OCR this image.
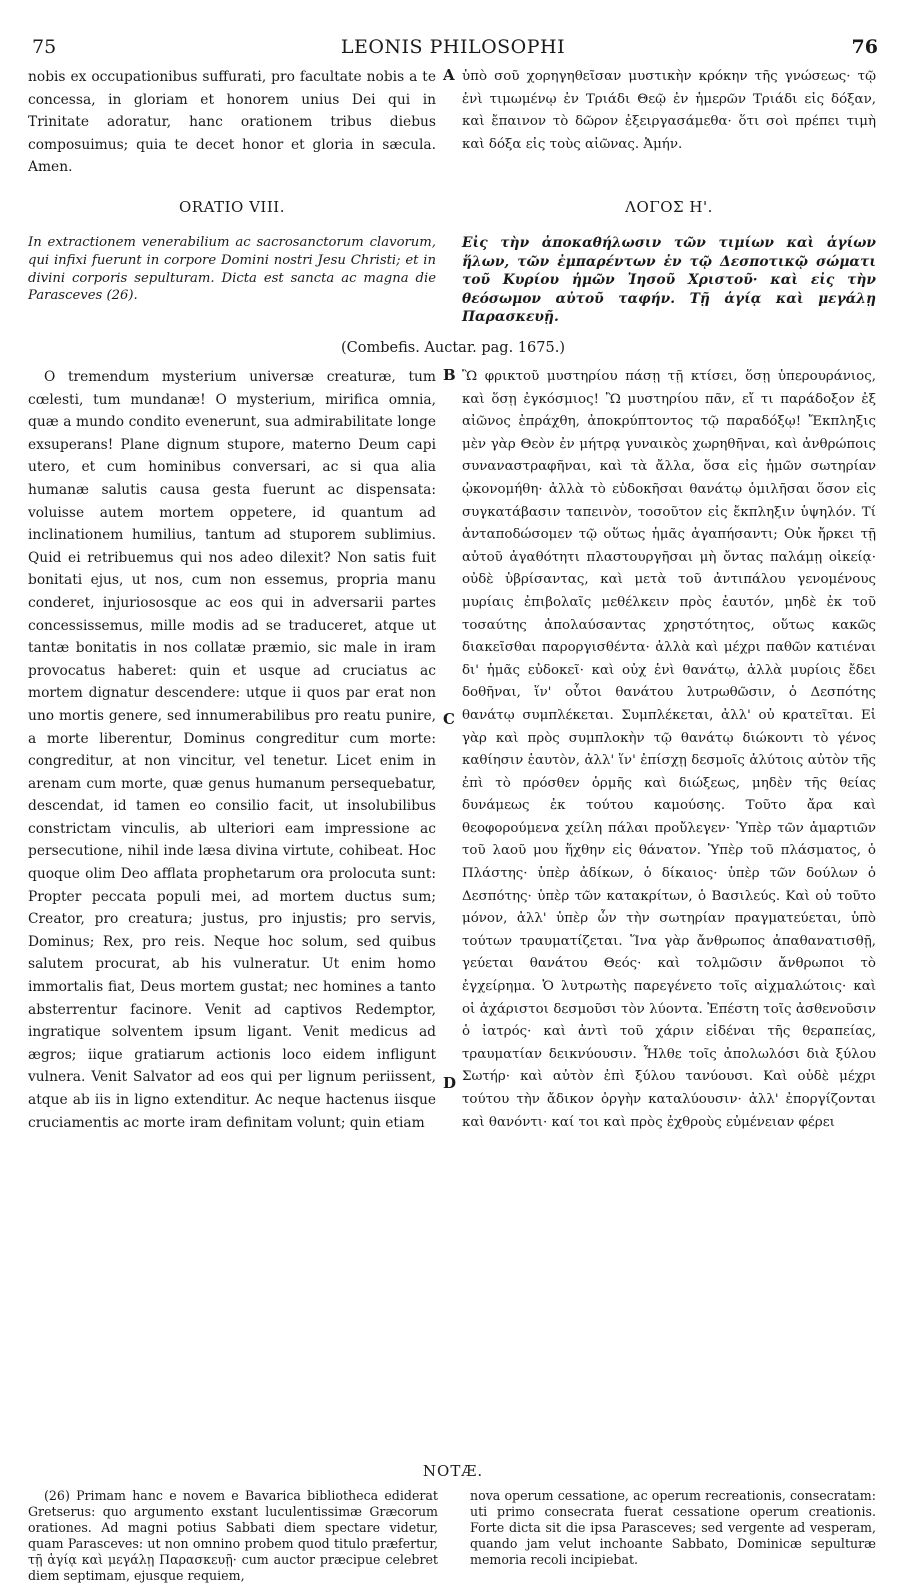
75	LEONIS PHILOSOPHI	76

nobis ex occupationibus suffurati, pro facultate nobis a te concessa, in gloriam et honorem unius Dei qui in Trinitate adoratur, hanc orationem tribus diebus composuimus; quia te decet honor et gloria in sæcula. Amen.

A ὑπὸ σοῦ χορηγηθεῖσαν μυστικὴν κρόκην τῆς γνώσεως· τῷ ἐνὶ τιμωμένῳ ἐν Τριάδι Θεῷ ἐν ἡμερῶν Τριάδι εἰς δόξαν, καὶ ἔπαινον τὸ δῶρον ἐξειργασάμεθα· ὅτι σοὶ πρέπει τιμὴ καὶ δόξα εἰς τοὺς αἰῶνας. Ἀμήν.

ORATIO VIII.	ΛΟΓΟΣ Η'.

In extractionem venerabilium ac sacrosanctorum clavorum, qui infixi fuerunt in corpore Domini nostri Jesu Christi; et in divini corporis sepulturam. Dicta est sancta ac magna die Parasceves (26).

Εἰς τὴν ἀποκαθήλωσιν τῶν τιμίων καὶ ἁγίων ἥλων, τῶν ἐμπαρέντων ἐν τῷ Δεσποτικῷ σώματι τοῦ Κυρίου ἡμῶν Ἰησοῦ Χριστοῦ· καὶ εἰς τὴν θεόσωμον αὐτοῦ ταφήν. Τῇ ἁγίᾳ καὶ μεγάλῃ Παρασκευῇ.

(Combefis. Auctar. pag. 1675.)

O tremendum mysterium universæ creaturæ, tum cœlesti, tum mundanæ! O mysterium, mirifica omnia, quæ a mundo condito evenerunt, sua admirabilitate longe exsuperans! Plane dignum stupore, materno Deum capi utero, et cum hominibus conversari, ac si qua alia humanæ salutis causa gesta fuerunt ac dispensata: voluisse autem mortem oppetere, id quantum ad inclinationem humilius, tantum ad stuporem sublimius. Quid ei retribuemus qui nos adeo dilexit? Non satis fuit bonitati ejus, ut nos, cum non essemus, propria manu conderet, injuriososque ac eos qui in adversarii partes concessissemus, mille modis ad se traduceret, atque ut tantæ bonitatis in nos collatæ præmio, sic male in iram provocatus haberet: quin et usque ad cruciatus ac mortem dignatur descendere: utque ii quos par erat non uno mortis genere, sed innumerabilibus pro reatu punire, a morte liberentur, Dominus congreditur cum morte: congreditur, at non vincitur, vel tenetur. Licet enim in arenam cum morte, quæ genus humanum persequebatur, descendat, id tamen eo consilio facit, ut insolubilibus constrictam vinculis, ab ulteriori eam impressione ac persecutione, nihil inde læsa divina virtute, cohibeat. Hoc quoque olim Deo afflata prophetarum ora prolocuta sunt: Propter peccata populi mei, ad mortem ductus sum; Creator, pro creatura; justus, pro injustis; pro servis, Dominus; Rex, pro reis. Neque hoc solum, sed quibus salutem procurat, ab his vulneratur. Ut enim homo immortalis fiat, Deus mortem gustat; nec homines a tanto absterrentur facinore. Venit ad captivos Redemptor, ingratique solventem ipsum ligant. Venit medicus ad ægros; iique gratiarum actionis loco eidem infligunt vulnera. Venit Salvator ad eos qui per lignum periissent, atque ab iis in ligno extenditur. Ac neque hactenus iisque cruciamentis ac morte iram definitam volunt; quin etiam

B
C
D

Ὢ φρικτοῦ μυστηρίου πάσῃ τῇ κτίσει, ὅσῃ ὑπερουράνιος, καὶ ὅσῃ ἐγκόσμιος! Ὢ μυστηρίου πᾶν, εἴ τι παράδοξον ἐξ αἰῶνος ἐπράχθη, ἀποκρύπτοντος τῷ παραδόξῳ! Ἔκπληξις μὲν γὰρ Θεὸν ἐν μήτρᾳ γυναικὸς χωρηθῆναι, καὶ ἀνθρώποις συναναστραφῆναι, καὶ τὰ ἄλλα, ὅσα εἰς ἡμῶν σωτηρίαν ᾠκονομήθη· ἀλλὰ τὸ εὐδοκῆσαι θανάτῳ ὁμιλῆσαι ὅσον εἰς συγκατάβασιν ταπεινὸν, τοσοῦτον εἰς ἔκπληξιν ὑψηλόν. Τί ἀνταποδώσομεν τῷ οὕτως ἡμᾶς ἀγαπήσαντι; Οὐκ ἤρκει τῇ αὐτοῦ ἀγαθότητι πλαστουργῆσαι μὴ ὄντας παλάμῃ οἰκείᾳ· οὐδὲ ὑβρίσαντας, καὶ μετὰ τοῦ ἀντιπάλου γενομένους μυρίαις ἐπιβολαῖς μεθέλκειν πρὸς ἑαυτόν, μηδὲ ἐκ τοῦ τοσαύτης ἀπολαύσαντας χρηστότητος, οὕτως κακῶς διακεῖσθαι παροργισθέντα· ἀλλὰ καὶ μέχρι παθῶν κατιέναι δι' ἡμᾶς εὐδοκεῖ· καὶ οὐχ ἑνὶ θανάτῳ, ἀλλὰ μυρίοις ἔδει δοθῆναι, ἵν' οὗτοι θανάτου λυτρωθῶσιν, ὁ Δεσπότης θανάτῳ συμπλέκεται. Συμπλέκεται, ἀλλ' οὐ κρατεῖται. Εἰ γὰρ καὶ πρὸς συμπλοκὴν τῷ θανάτῳ διώκοντι τὸ γένος καθίησιν ἑαυτὸν, ἀλλ' ἵν' ἐπίσχῃ δεσμοῖς ἀλύτοις αὐτὸν τῆς ἐπὶ τὸ πρόσθεν ὁρμῆς καὶ διώξεως, μηδὲν τῆς θείας δυνάμεως ἐκ τούτου καμούσης. Τοῦτο ἄρα καὶ θεοφορούμενα χείλη πάλαι προὔλεγεν· Ὑπὲρ τῶν ἁμαρτιῶν τοῦ λαοῦ μου ἥχθην εἰς θάνατον. Ὑπὲρ τοῦ πλάσματος, ὁ Πλάστης· ὑπὲρ ἀδίκων, ὁ δίκαιος· ὑπὲρ τῶν δούλων ὁ Δεσπότης· ὑπὲρ τῶν κατακρίτων, ὁ Βασιλεύς. Καὶ οὐ τοῦτο μόνον, ἀλλ' ὑπὲρ ὧν τὴν σωτηρίαν πραγματεύεται, ὑπὸ τούτων τραυματίζεται. Ἵνα γὰρ ἄνθρωπος ἀπαθανατισθῇ, γεύεται θανάτου Θεός· καὶ τολμῶσιν ἄνθρωποι τὸ ἐγχείρημα. Ὁ λυτρωτὴς παρεγένετο τοῖς αἰχμαλώτοις· καὶ οἱ ἀχάριστοι δεσμοῦσι τὸν λύοντα. Ἐπέστη τοῖς ἀσθενοῦσιν ὁ ἰατρός· καὶ ἀντὶ τοῦ χάριν εἰδέναι τῆς θεραπείας, τραυματίαν δεικνύουσιν. Ἦλθε τοῖς ἀπολωλόσι διὰ ξύλου Σωτήρ· καὶ αὐτὸν ἐπὶ ξύλου τανύουσι. Καὶ οὐδὲ μέχρι τούτου τὴν ἄδικον ὀργὴν καταλύουσιν· ἀλλ' ἐποργίζονται καὶ θανόντι· καί τοι καὶ πρὸς ἐχθροὺς εὐμένειαν φέρει

NOTÆ.

(26) Primam hanc e novem e Bavarica bibliotheca ediderat Gretserus: quo argumento exstant luculentissimæ Græcorum orationes. Ad magni potius Sabbati diem spectare videtur, quam Parasceves: ut non omnino probem quod titulo præfertur, τῇ ἁγίᾳ καὶ μεγάλῃ Παρασκευῇ· cum auctor præcipue celebret diem septimam, ejusque requiem,

nova operum cessatione, ac operum recreationis, consecratam: uti primo consecrata fuerat cessatione operum creationis. Forte dicta sit die ipsa Parasceves; sed vergente ad vesperam, quando jam velut inchoante Sabbato, Dominicæ sepulturæ memoria recoli incipiebat.
